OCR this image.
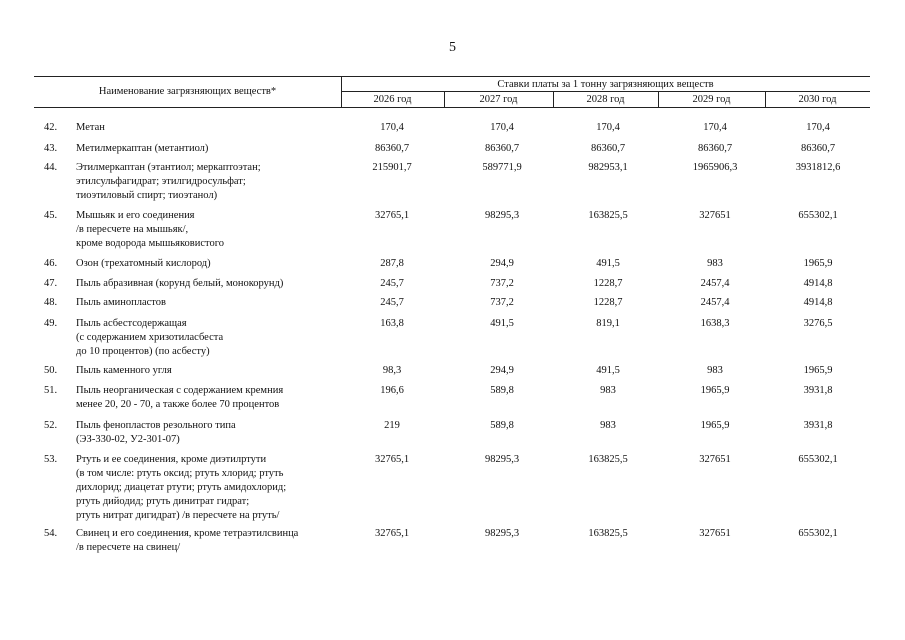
5
Наименование загрязняющих веществ*
Ставки платы за 1 тонну загрязняющих веществ
2026 год	2027 год	2028 год	2029 год	2030 год
42.	Метан	170,4	170,4	170,4	170,4	170,4
43.	Метилмеркаптан (метантиол)	86360,7	86360,7	86360,7	86360,7	86360,7
44.	Этилмеркаптан (этантиол; меркаптоэтан;
этилсульфагидрат; этилгидросульфат;
тиоэтиловый спирт; тиоэтанол)
215901,7	589771,9	982953,1	1965906,3	3931812,6
45.	Мышьяк и его соединения
/в пересчете на мышьяк/,
кроме водорода мышьяковистого
32765,1	98295,3	163825,5	327651	655302,1
46.	Озон (трехатомный кислород)	287,8	294,9	491,5	983	1965,9
47.	Пыль абразивная (корунд белый, монокорунд)	245,7	737,2	1228,7	2457,4	4914,8
48.	Пыль аминопластов	245,7	737,2	1228,7	2457,4	4914,8
49.	Пыль асбестсодержащая
(с содержанием хризотиласбеста
до 10 процентов) (по асбесту)
163,8	491,5	819,1	1638,3	3276,5
50.	Пыль каменного угля	98,3	294,9	491,5	983	1965,9
51.	Пыль неорганическая с содержанием кремния
менее 20, 20 - 70, а также более 70 процентов
196,6	589,8	983	1965,9	3931,8
52.	Пыль фенопластов резольного типа
(ЭЗ-330-02, У2-301-07)
219	589,8	983	1965,9	3931,8
53.	Ртуть и ее соединения, кроме диэтилртути
(в том числе: ртуть оксид; ртуть хлорид; ртуть
дихлорид; диацетат ртути; ртуть амидохлорид;
ртуть дийодид; ртуть динитрат гидрат;
ртуть нитрат дигидрат) /в пересчете на ртуть/
32765,1	98295,3	163825,5	327651	655302,1
54.	Свинец и его соединения, кроме тетраэтилсвинца
/в пересчете на свинец/
32765,1	98295,3	163825,5	327651	655302,1
